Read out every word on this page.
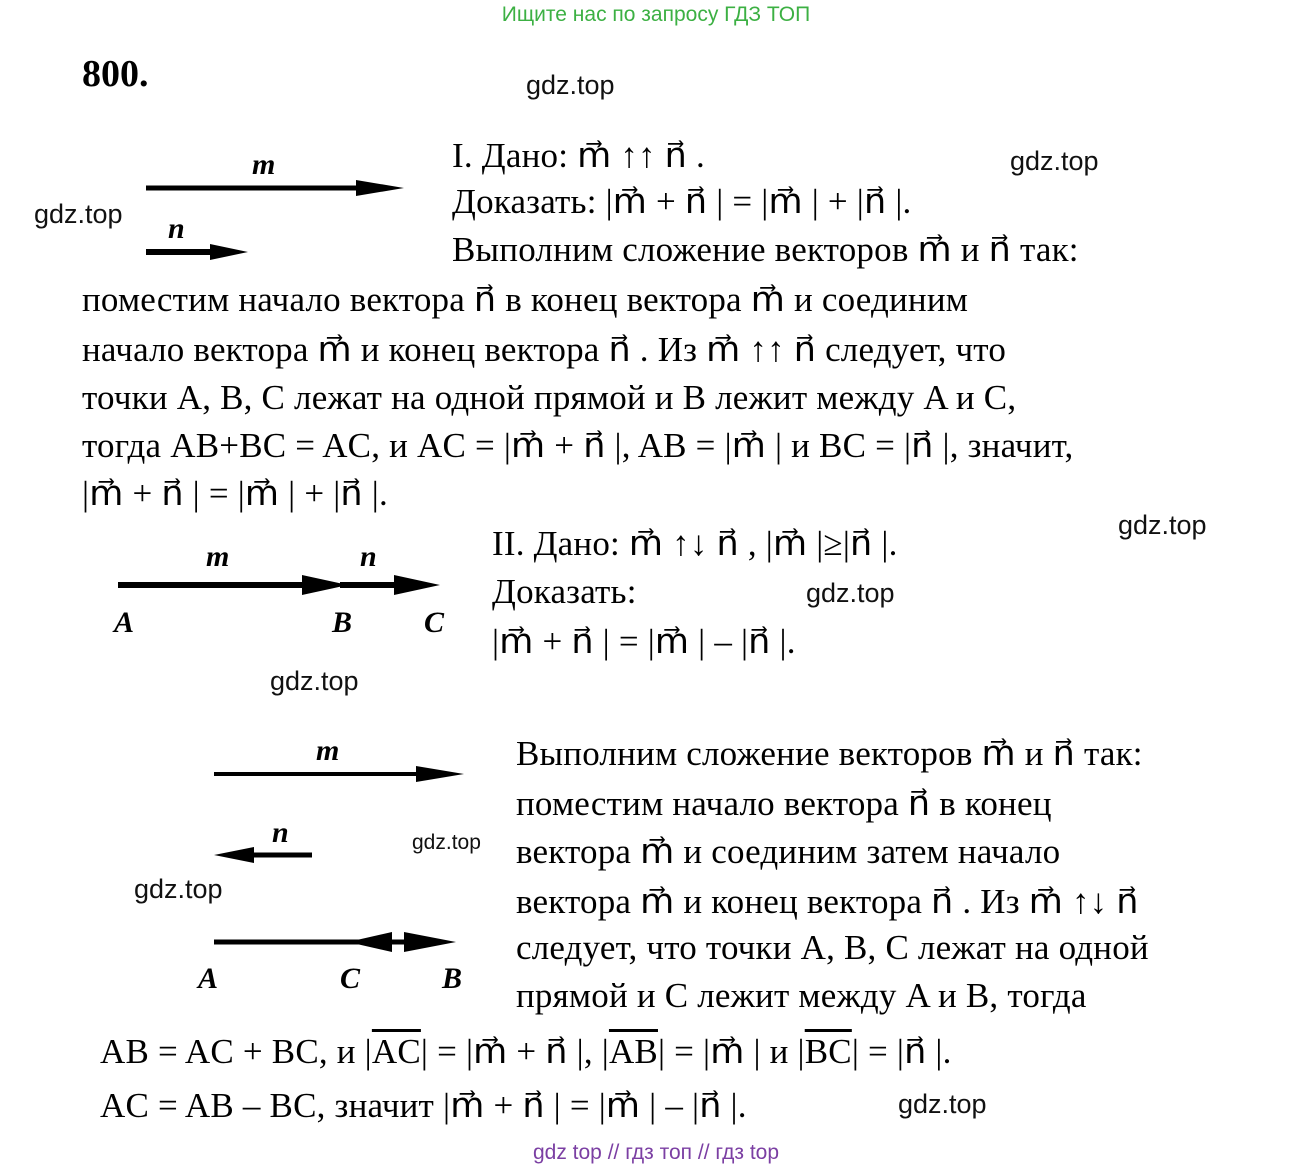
Ищите нас по запросу ГДЗ ТОП
800.	gdz.top
gdz.top
gdz.top
gdz.top
gdz.top
gdz.top
gdz.top
gdz.top
gdz.top
m⃗
n⃗
m⃗	n⃗
A	B C
m⃗
n⃗
A	C	B
I. Дано: m⃗ ↑↑ n⃗ .
Доказать: |m⃗ + n⃗ | = |m⃗ | + |n⃗ |.
Выполним сложение векторов m⃗ и n⃗ так:
поместим начало вектора n⃗ в конец вектора m⃗ и соединим
начало вектора m⃗ и конец вектора n⃗ . Из m⃗ ↑↑ n⃗ следует, что
точки A, B, C лежат на одной прямой и B лежит между A и C,
тогда AB+BC = AC, и AC = |m⃗ + n⃗ |, AB = |m⃗ | и BC = |n⃗ |, значит,
|m⃗ + n⃗ | = |m⃗ | + |n⃗ |.
II. Дано: m⃗ ↑↓ n⃗ , |m⃗ |≥|n⃗ |.
Доказать:
|m⃗ + n⃗ | = |m⃗ | – |n⃗ |.
Выполним сложение векторов m⃗ и n⃗ так:
поместим начало вектора n⃗ в конец
вектора m⃗ и соединим затем начало
вектора m⃗ и конец вектора n⃗ . Из m⃗ ↑↓ n⃗
следует, что точки A, B, C лежат на одной
прямой и C лежит между A и B, тогда
AB = AC + BC, и $|\overline{AC}|$ = |m⃗ + n⃗ |, $|\overline{AB}|$ = |m⃗ | и $|\overline{BC}|$ = |n⃗ |.
AC = AB – BC, значит |m⃗ + n⃗ | = |m⃗ | – |n⃗ |.
gdz top // гдз топ // гдз top
